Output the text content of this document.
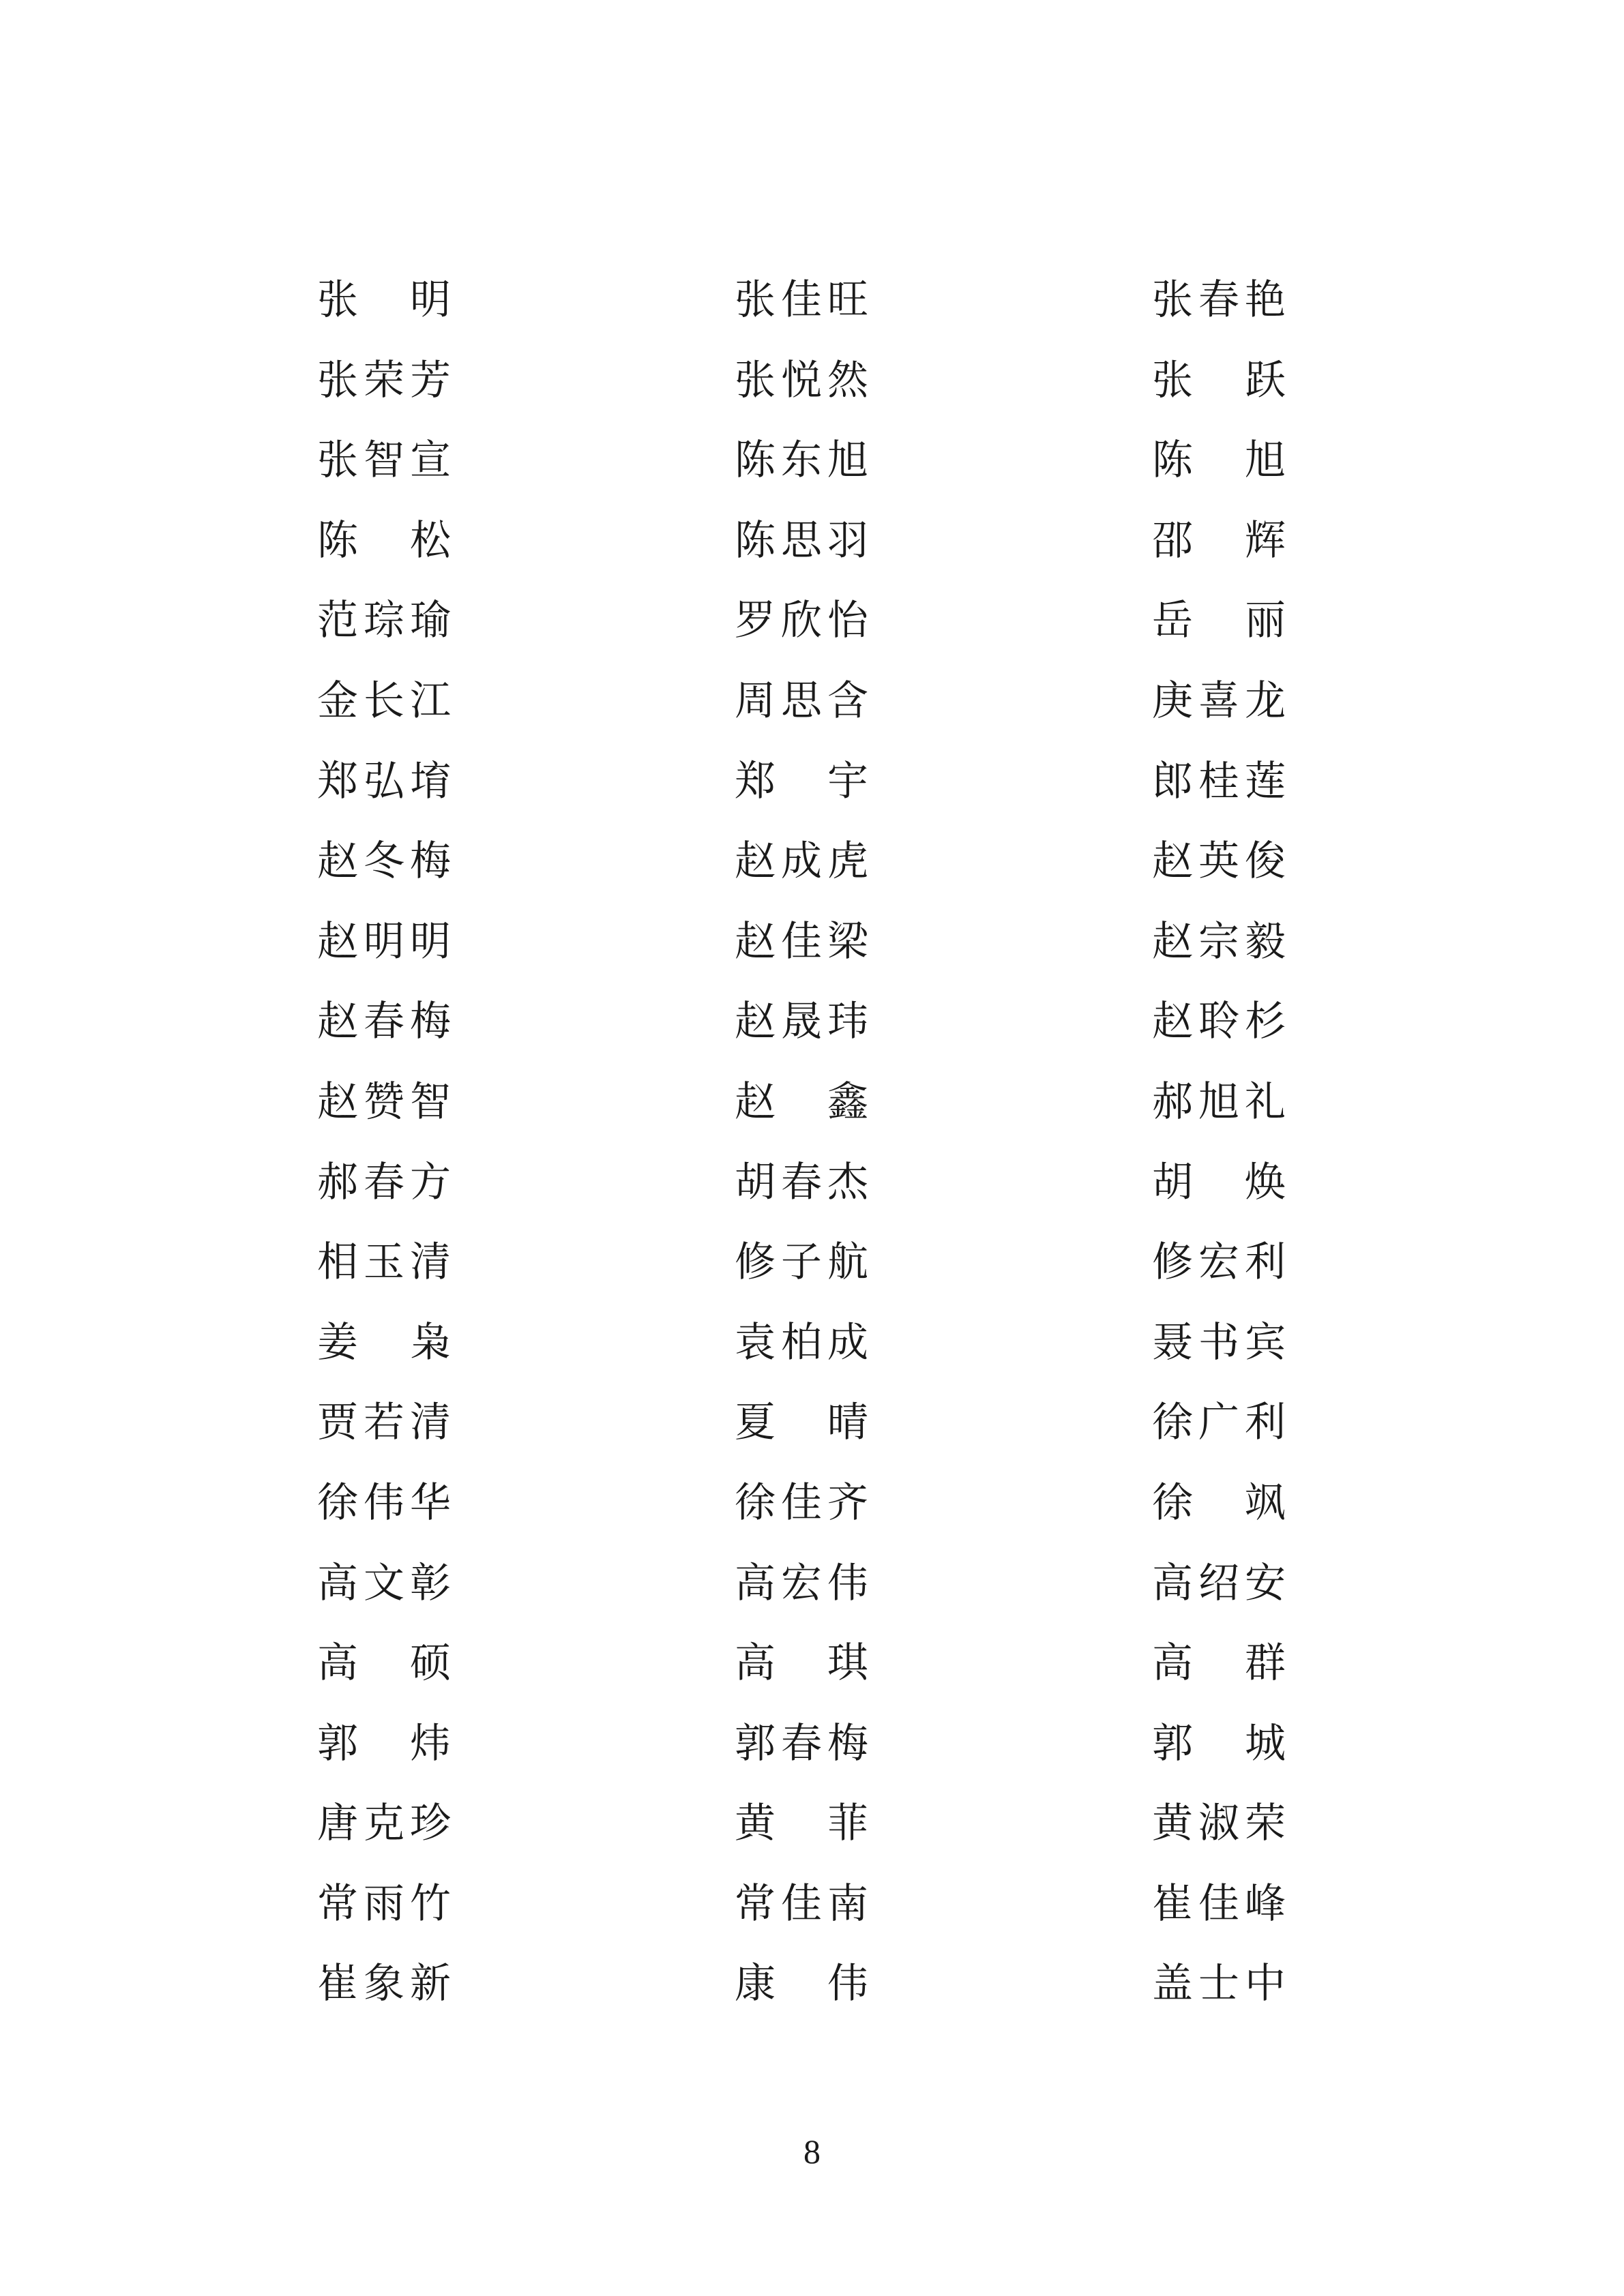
张 明	张 佳 旺	张 春 艳
张 荣 芳	张 悦 然	张 跃
张 智 宣	陈 东 旭	陈 旭
陈 松	陈 思 羽	邵 辉
范 琮 瑜	罗 欣 怡	岳 丽
金 长 江	周 思 含	庚 喜 龙
郑 弘 堉	郑 宇	郎 桂 莲
赵 冬 梅	赵 成 虎	赵 英 俊
赵 明 明	赵 佳 梁	赵 宗 毅
赵 春 梅	赵 晟 玮	赵 聆 杉
赵 赞 智	赵 鑫	郝 旭 礼
郝 春 方	胡 春 杰	胡 焕
相 玉 清	修 子 航	修 宏 利
姜 枭	袁 柏 成	聂 书 宾
贾 若 清	夏 晴	徐 广 利
徐 伟 华	徐 佳 齐	徐 飒
高 文 彰	高 宏 伟	高 绍 安
高 硕	高 琪	高 群
郭 炜	郭 春 梅	郭 城
唐 克 珍	黄 菲	黄 淑 荣
常 雨 竹	常 佳 南	崔 佳 峰
崔 象 新	康 伟	盖 士 中
8
